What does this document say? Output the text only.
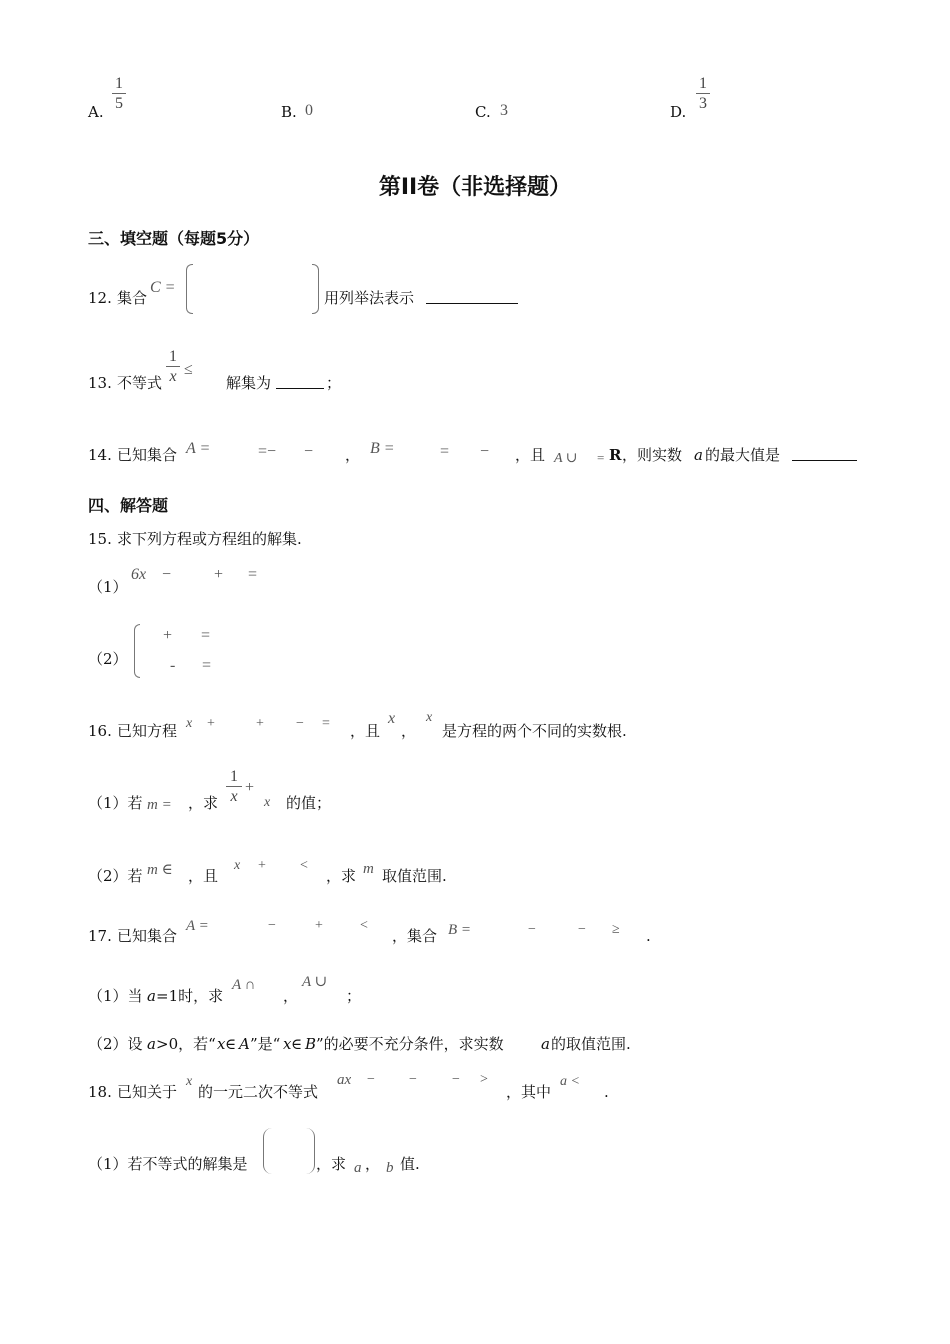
A.
1
5	B. 0	C. 3	D.
1
3
第II卷（非选择题）
三、填空题（每题5分）
12. 集合
C =
用列举法表示
13. 不等式
1
x ≤
解集为	；
14. 已知集合 A =	=− − ， B =	= − ，且 A ∪ = R ，则实数 a 的最大值是
四、解答题
15. 求下列方程或方程组的解集.
（1）
6x −	+ =
（2）
+ =
- =
16. 已知方程 x +	+ − = ，且
x
，
x
是方程的两个不同的实数根.
（1）若 m = ，求
1
x
+
x 的值；
（2）若 m ∈ ，且
x + <
，求 m 取值范围.
17. 已知集合
A =	−	+	<
，集合 B =	−	− ≥ .
（1）当 a =1时，求
A ∩
，
A ∪
；
（2）设 a >0，若“ x ∈ A ”是“ x ∈ B ”的必要不充分条件，求实数 a 的取值范围.
18. 已知关于
x
的一元二次不等式
ax − −	− >
，其中
a <
.
（1）若不等式的解集是	，求 a ， b 值.
